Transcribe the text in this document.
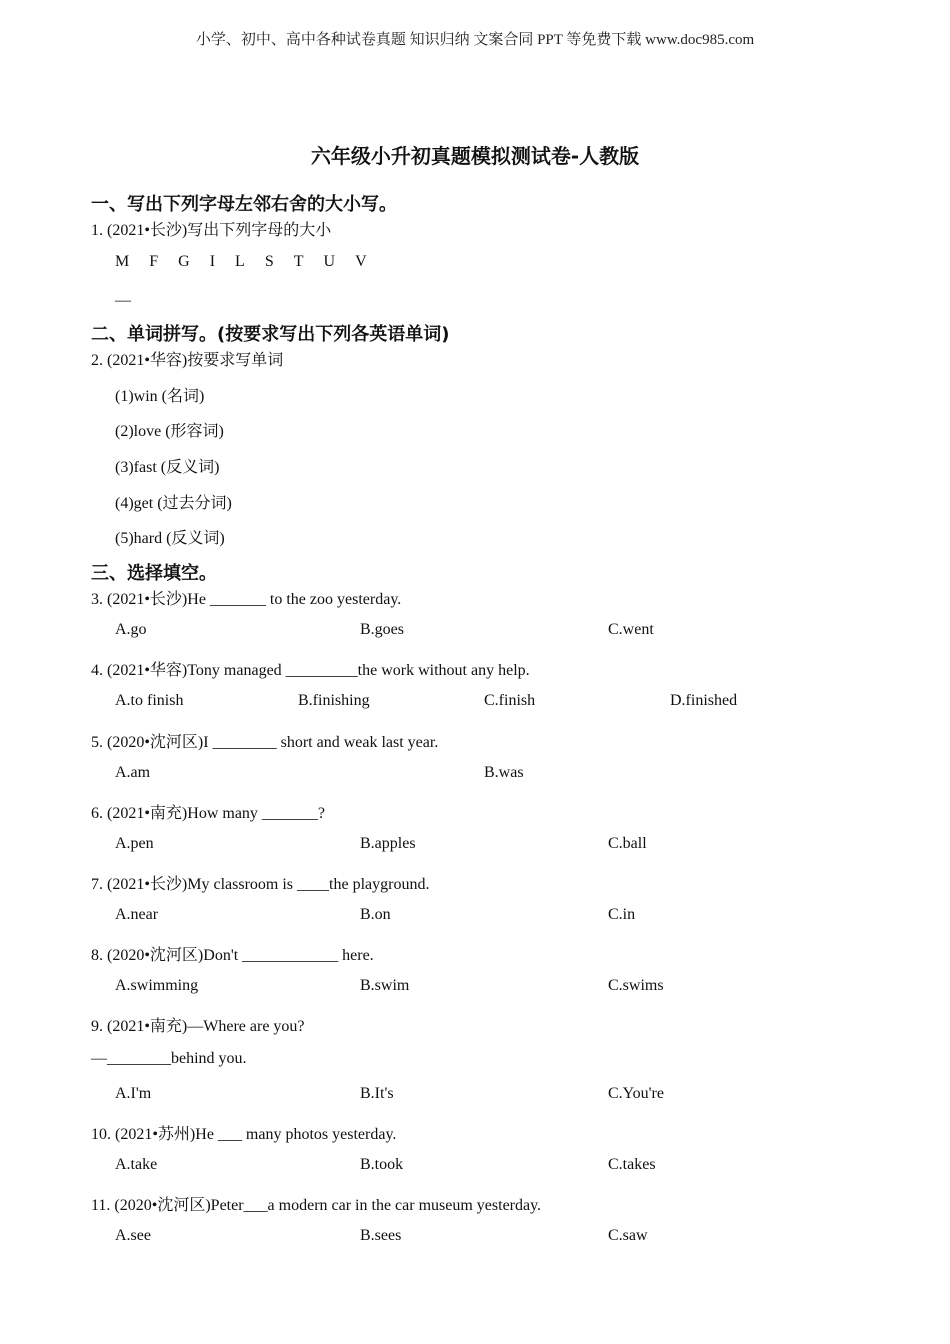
小学、初中、高中各种试卷真题 知识归纳 文案合同 PPT 等免费下载 www.doc985.com
六年级小升初真题模拟测试卷-人教版
一、写出下列字母左邻右舍的大小写。
1. (2021•长沙)写出下列字母的大小
M F G I L S T U V
—
二、单词拼写。(按要求写出下列各英语单词)
2. (2021•华容)按要求写单词
(1)win (名词)
(2)love (形容词)
(3)fast (反义词)
(4)get (过去分词)
(5)hard (反义词)
三、选择填空。
3. (2021•长沙)He _______ to the zoo yesterday.
A.go	B.goes	C.went
4. (2021•华容)Tony managed _________the work without any help.
A.to finish	B.finishing	C.finish	D.finished
5. (2020•沈河区)I ________ short and weak last year.
A.am	B.was
6. (2021•南充)How many _______?
A.pen	B.apples	C.ball
7. (2021•长沙)My classroom is ____the playground.
A.near	B.on	C.in
8. (2020•沈河区)Don't ____________ here.
A.swimming	B.swim	C.swims
9. (2021•南充)—Where are you?
—________behind you.
A.I'm	B.It's	C.You're
10. (2021•苏州)He ___ many photos yesterday.
A.take	B.took	C.takes
11. (2020•沈河区)Peter___a modern car in the car museum yesterday.
A.see	B.sees	C.saw
